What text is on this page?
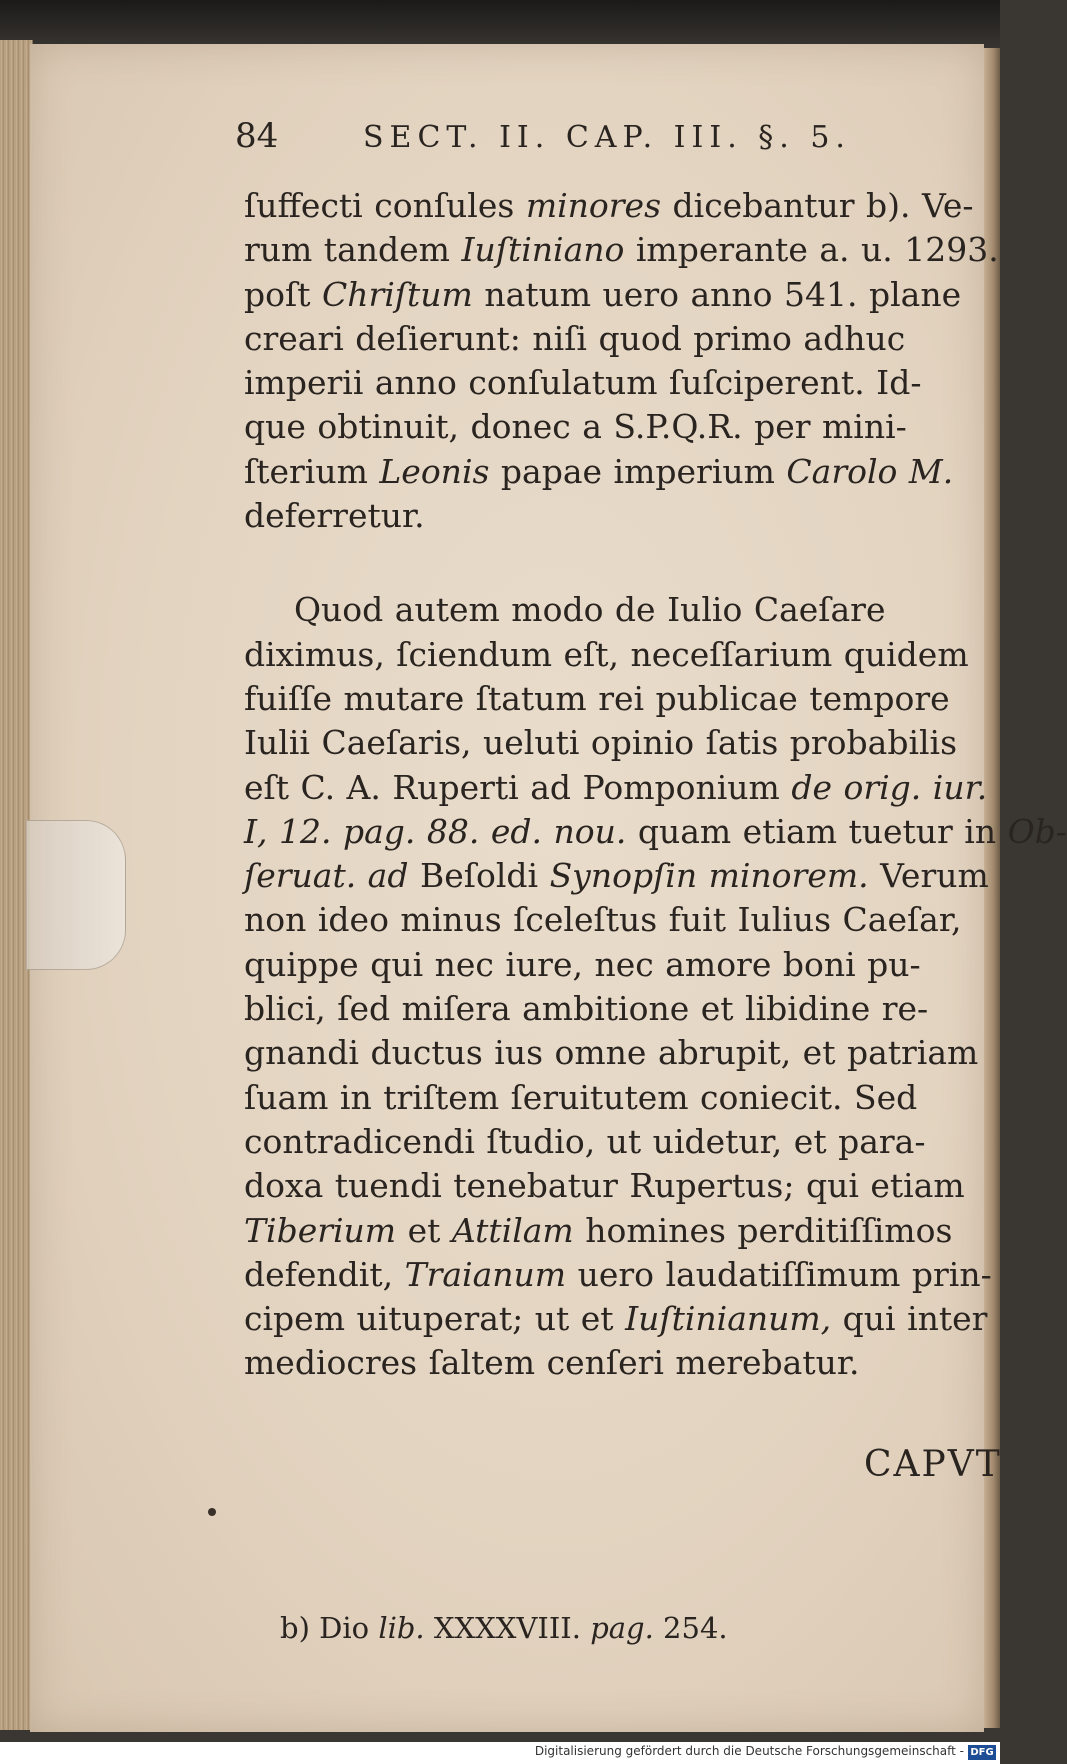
84	SECT. II. CAP. III. §. 5.

ſuffecti conſules minores dicebantur b). Ve-

rum tandem Iuſtiniano imperante a. u. 1293.

poſt Chriſtum natum uero anno 541. plane

creari deſierunt: niſi quod primo adhuc

imperii anno conſulatum ſuſciperent. Id-

que obtinuit, donec a S.P.Q.R. per mini-

ſterium Leonis papae imperium Carolo M.

deferretur.

Quod autem modo de Iulio Caeſare

diximus, ſciendum eſt, neceſſarium quidem

fuiſſe mutare ſtatum rei publicae tempore

Iulii Caeſaris, ueluti opinio ſatis probabilis

eſt C. A. Ruperti ad Pomponium de orig. iur.

I, 12. pag. 88. ed. nou. quam etiam tuetur in Ob-

ſeruat. ad Beſoldi Synopſin minorem. Verum

non ideo minus ſceleſtus fuit Iulius Caeſar,

quippe qui nec iure, nec amore boni pu-

blici, ſed miſera ambitione et libidine re-

gnandi ductus ius omne abrupit, et patriam

ſuam in triſtem ſeruitutem coniecit. Sed

contradicendi ſtudio, ut uidetur, et para-

doxa tuendi tenebatur Rupertus; qui etiam

Tiberium et Attilam homines perditiſſimos

defendit, Traianum uero laudatiſſimum prin-

cipem uituperat; ut et Iuſtinianum, qui inter

mediocres ſaltem cenſeri merebatur.

CAPVT
b) Dio lib. XXXXVIII. pag. 254.
Digitalisierung gefördert durch die Deutsche Forschungsgemeinschaft - DFG
